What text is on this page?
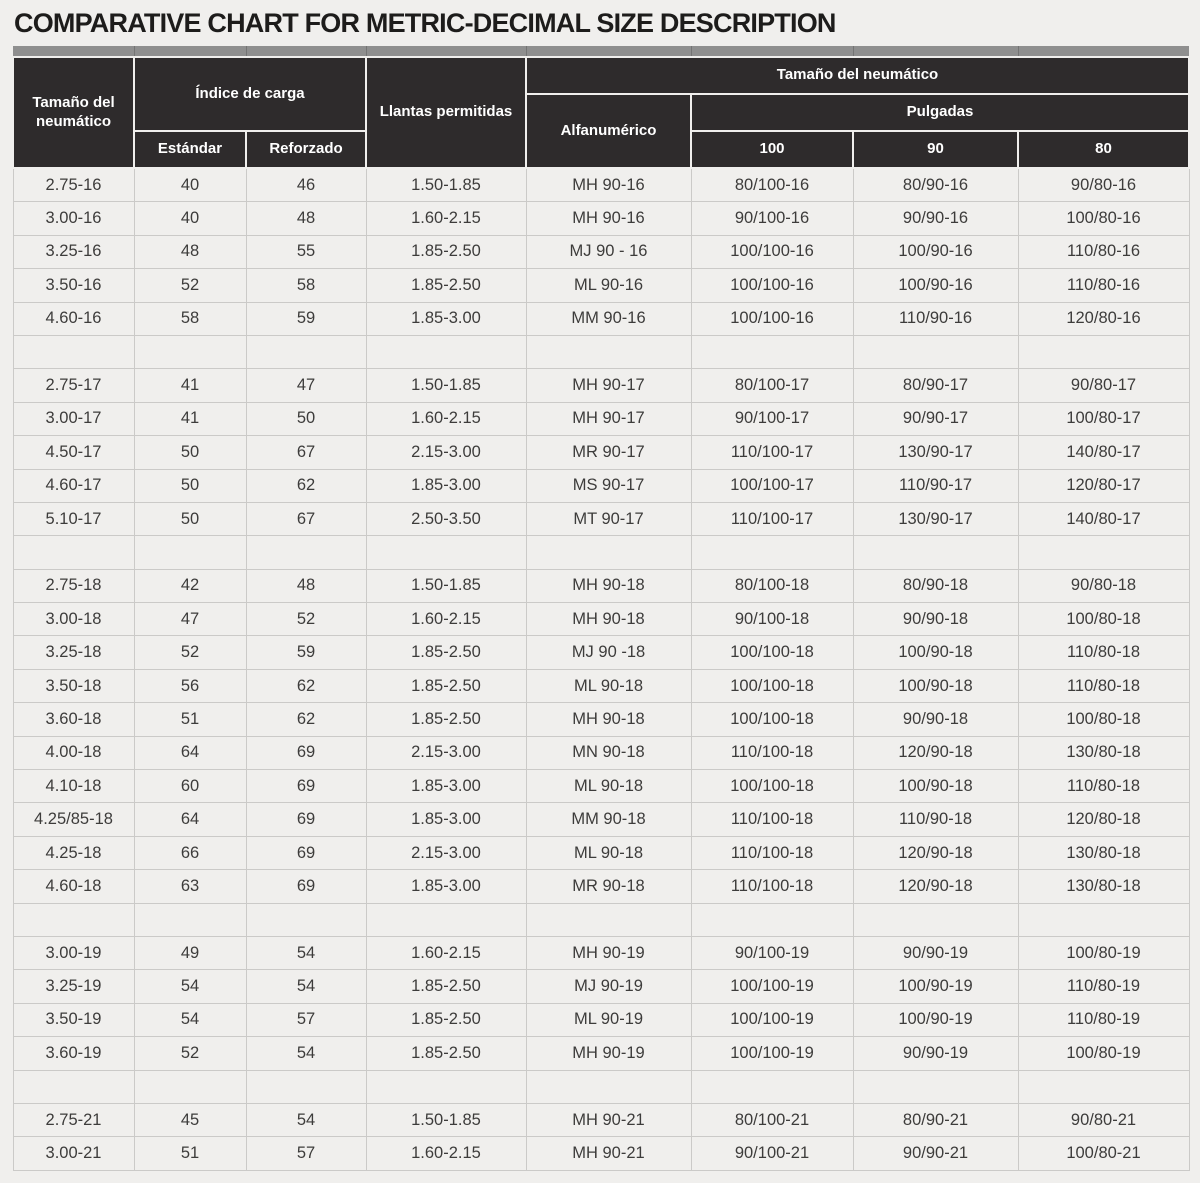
COMPARATIVE CHART FOR METRIC-DECIMAL SIZE DESCRIPTION

Tamaño del neumático	Índice de carga		Llantas permitidas	Tamaño del neumático			
				Alfanumérico	Pulgadas		
	Estándar	Reforzado			100	90	80
2.75-16	40	46	1.50-1.85	MH 90-16	80/100-16	80/90-16	90/80-16
3.00-16	40	48	1.60-2.15	MH 90-16	90/100-16	90/90-16	100/80-16
3.25-16	48	55	1.85-2.50	MJ 90 - 16	100/100-16	100/90-16	110/80-16
3.50-16	52	58	1.85-2.50	ML 90-16	100/100-16	100/90-16	110/80-16
4.60-16	58	59	1.85-3.00	MM 90-16	100/100-16	110/90-16	120/80-16

2.75-17	41	47	1.50-1.85	MH 90-17	80/100-17	80/90-17	90/80-17
3.00-17	41	50	1.60-2.15	MH 90-17	90/100-17	90/90-17	100/80-17
4.50-17	50	67	2.15-3.00	MR 90-17	110/100-17	130/90-17	140/80-17
4.60-17	50	62	1.85-3.00	MS 90-17	100/100-17	110/90-17	120/80-17
5.10-17	50	67	2.50-3.50	MT 90-17	110/100-17	130/90-17	140/80-17

2.75-18	42	48	1.50-1.85	MH 90-18	80/100-18	80/90-18	90/80-18
3.00-18	47	52	1.60-2.15	MH 90-18	90/100-18	90/90-18	100/80-18
3.25-18	52	59	1.85-2.50	MJ 90 -18	100/100-18	100/90-18	110/80-18
3.50-18	56	62	1.85-2.50	ML 90-18	100/100-18	100/90-18	110/80-18
3.60-18	51	62	1.85-2.50	MH 90-18	100/100-18	90/90-18	100/80-18
4.00-18	64	69	2.15-3.00	MN 90-18	110/100-18	120/90-18	130/80-18
4.10-18	60	69	1.85-3.00	ML 90-18	100/100-18	100/90-18	110/80-18
4.25/85-18	64	69	1.85-3.00	MM 90-18	110/100-18	110/90-18	120/80-18
4.25-18	66	69	2.15-3.00	ML 90-18	110/100-18	120/90-18	130/80-18
4.60-18	63	69	1.85-3.00	MR 90-18	110/100-18	120/90-18	130/80-18

3.00-19	49	54	1.60-2.15	MH 90-19	90/100-19	90/90-19	100/80-19
3.25-19	54	54	1.85-2.50	MJ 90-19	100/100-19	100/90-19	110/80-19
3.50-19	54	57	1.85-2.50	ML 90-19	100/100-19	100/90-19	110/80-19
3.60-19	52	54	1.85-2.50	MH 90-19	100/100-19	90/90-19	100/80-19

2.75-21	45	54	1.50-1.85	MH 90-21	80/100-21	80/90-21	90/80-21
3.00-21	51	57	1.60-2.15	MH 90-21	90/100-21	90/90-21	100/80-21
